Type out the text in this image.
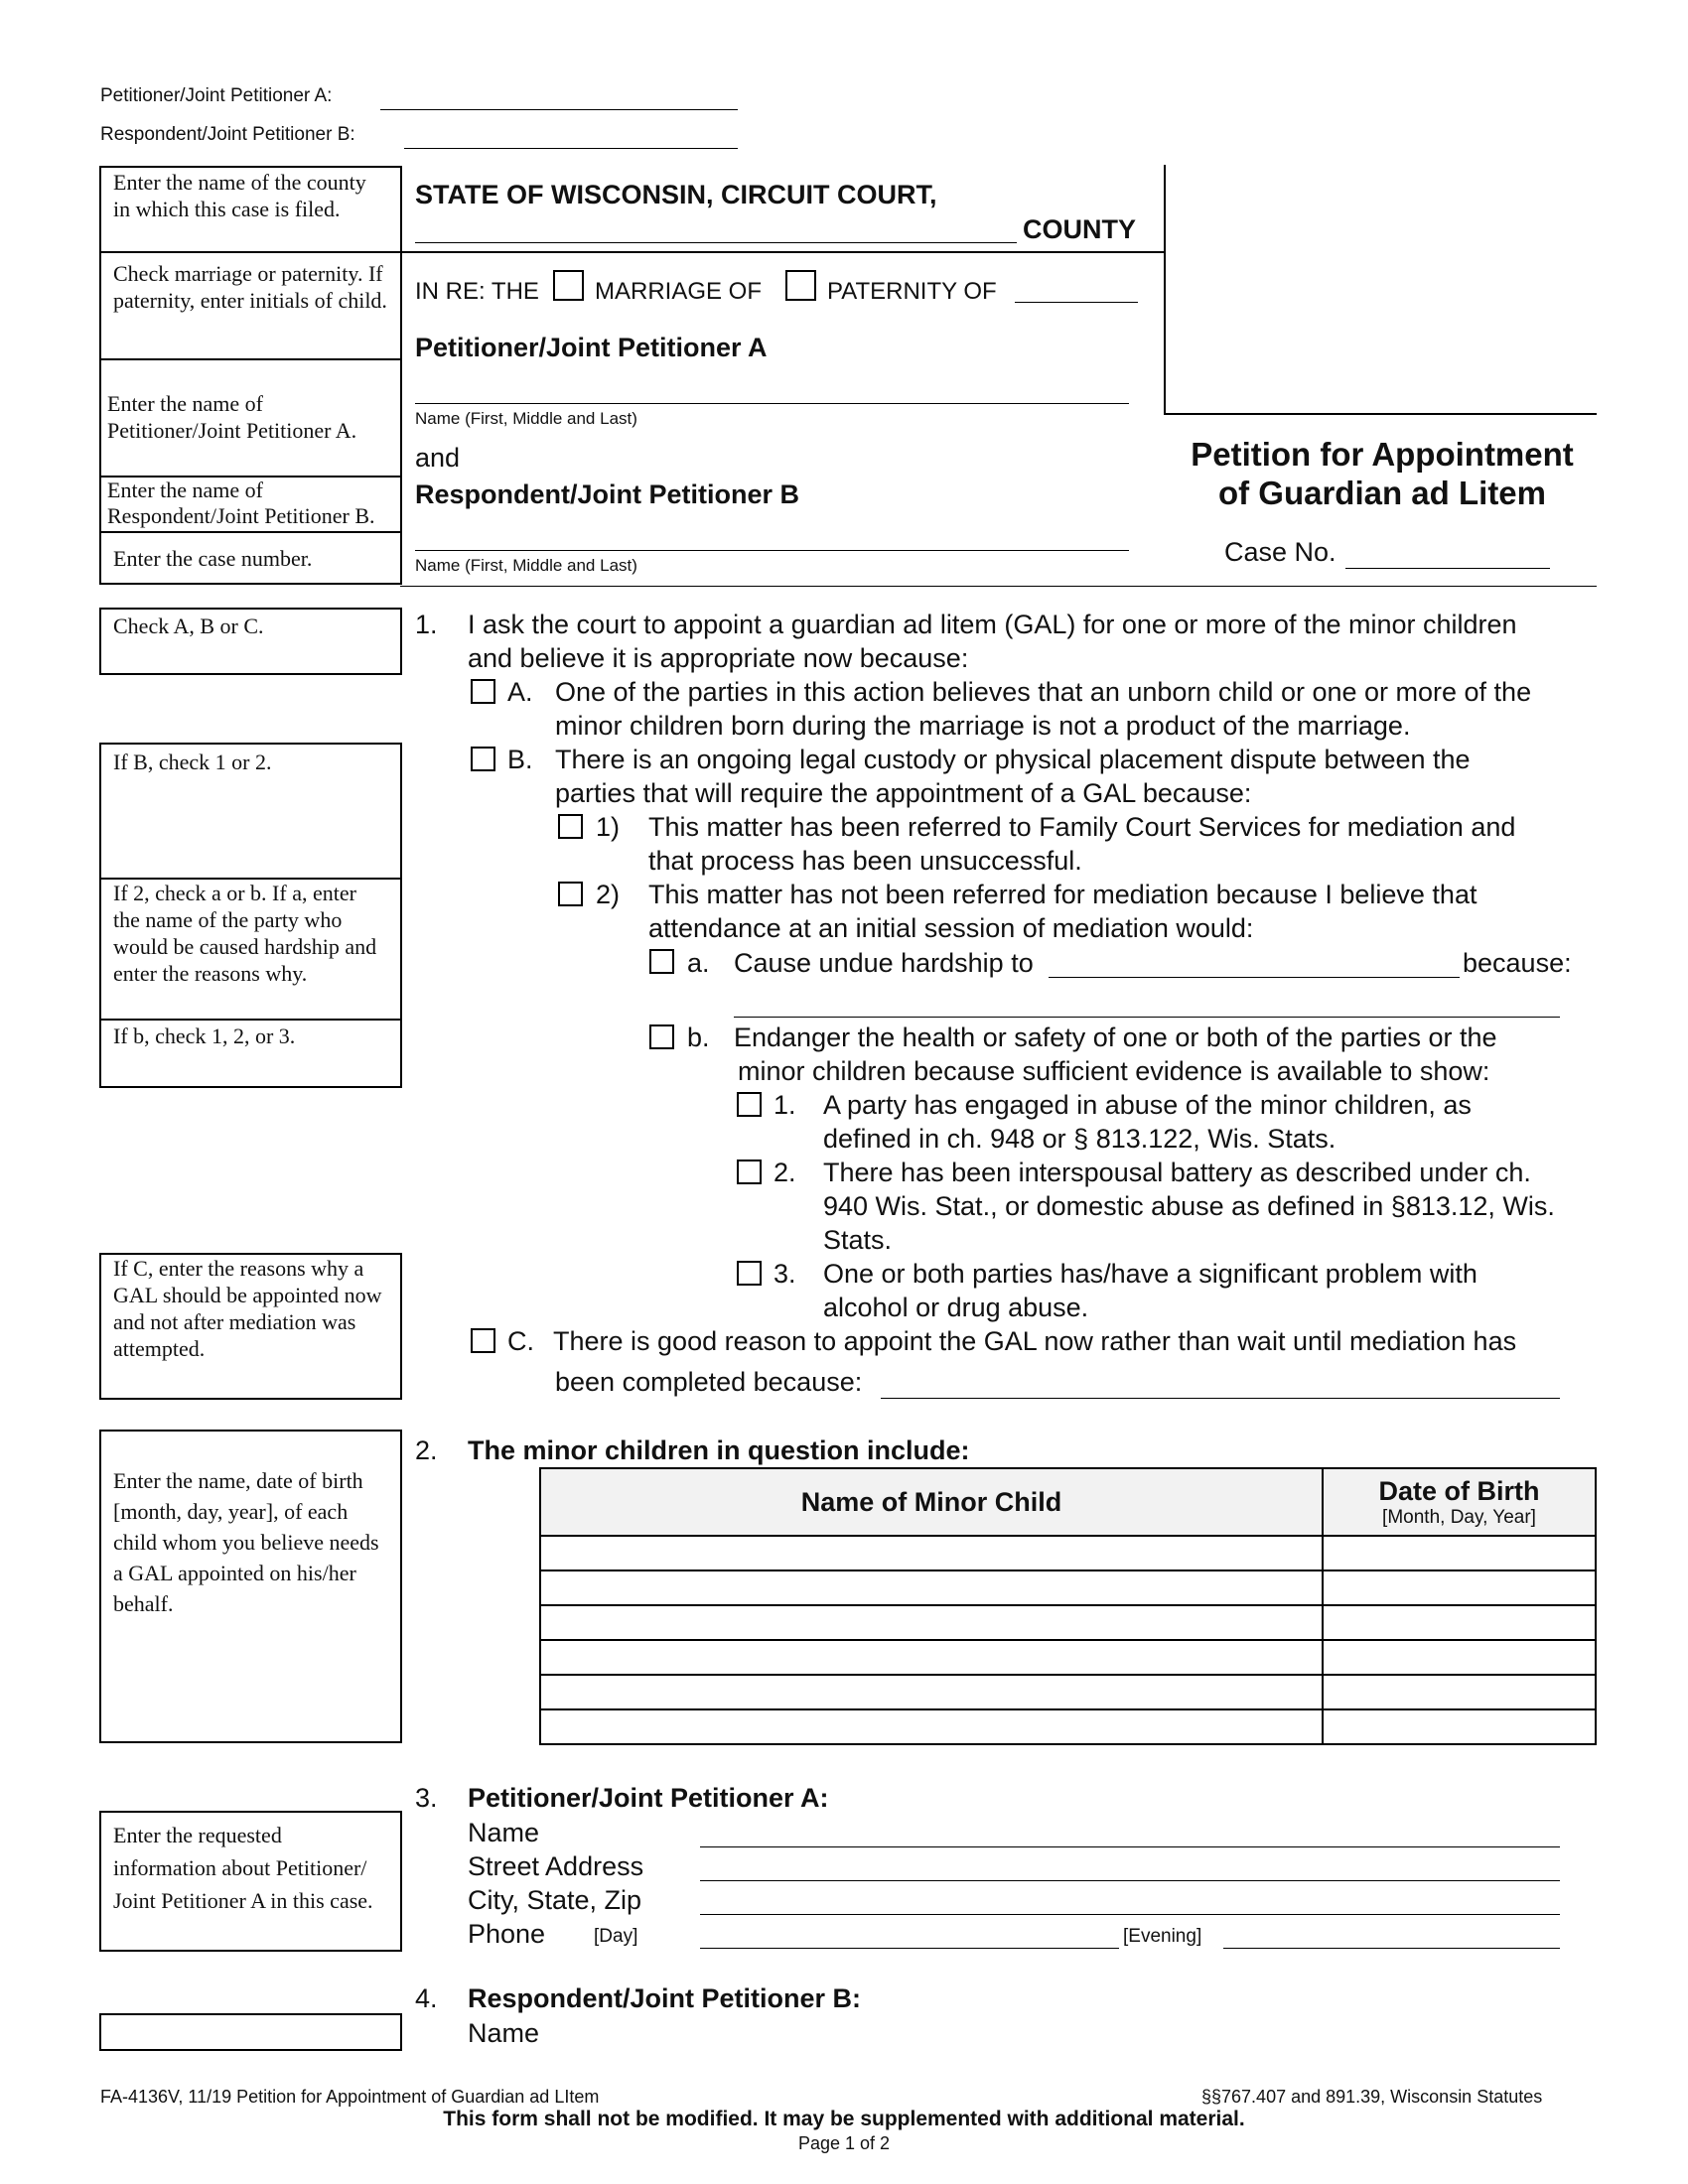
Petitioner/Joint Petitioner A:
Respondent/Joint Petitioner B:
Enter the name of the county in which this case is filed.
Check marriage or paternity. If paternity, enter initials of child.
Enter the name of Petitioner/Joint Petitioner A.
Enter the name of Respondent/Joint Petitioner B.
Enter the case number.
STATE OF WISCONSIN, CIRCUIT COURT,
COUNTY
IN RE: THE MARRIAGE OF	PATERNITY OF
Petitioner/Joint Petitioner A
Name (First, Middle and Last)
and
Respondent/Joint Petitioner B
Name (First, Middle and Last)
Petition for Appointment
of Guardian ad Litem
Case No.
Check A, B or C.
If B, check 1 or 2.
If 2, check a or b. If a, enter the name of the party who would be caused hardship and enter the reasons why.
If b, check 1, 2, or 3.
If C, enter the reasons why a GAL should be appointed now and not after mediation was attempted.
1. I ask the court to appoint a guardian ad litem (GAL) for one or more of the minor children
and believe it is appropriate now because:
A. One of the parties in this action believes that an unborn child or one or more of the
minor children born during the marriage is not a product of the marriage.
B. There is an ongoing legal custody or physical placement dispute between the
parties that will require the appointment of a GAL because:
1) This matter has been referred to Family Court Services for mediation and
that process has been unsuccessful.
2) This matter has not been referred for mediation because I believe that
attendance at an initial session of mediation would:
a. Cause undue hardship to	because:
b. Endanger the health or safety of one or both of the parties or the
minor children because sufficient evidence is available to show:
1. A party has engaged in abuse of the minor children, as
defined in ch. 948 or § 813.122, Wis. Stats.
2. There has been interspousal battery as described under ch.
940 Wis. Stat., or domestic abuse as defined in §813.12, Wis.
Stats.
3. One or both parties has/have a significant problem with
alcohol or drug abuse.
C. There is good reason to appoint the GAL now rather than wait until mediation has
been completed because:
Enter the name, date of birth [month, day, year], of each child whom you believe needs a GAL appointed on his/her behalf.
2. The minor children in question include:
Name of Minor Child	Date of Birth
[Month, Day, Year]

Enter the requested information about Petitioner/ Joint Petitioner A in this case.
3. Petitioner/Joint Petitioner A:
Name
Street Address
City, State, Zip
Phone	[Day]	[Evening]
4. Respondent/Joint Petitioner B:
Name
FA-4136V, 11/19 Petition for Appointment of Guardian ad LItem	§§767.407 and 891.39, Wisconsin Statutes
This form shall not be modified. It may be supplemented with additional material.
Page 1 of 2
